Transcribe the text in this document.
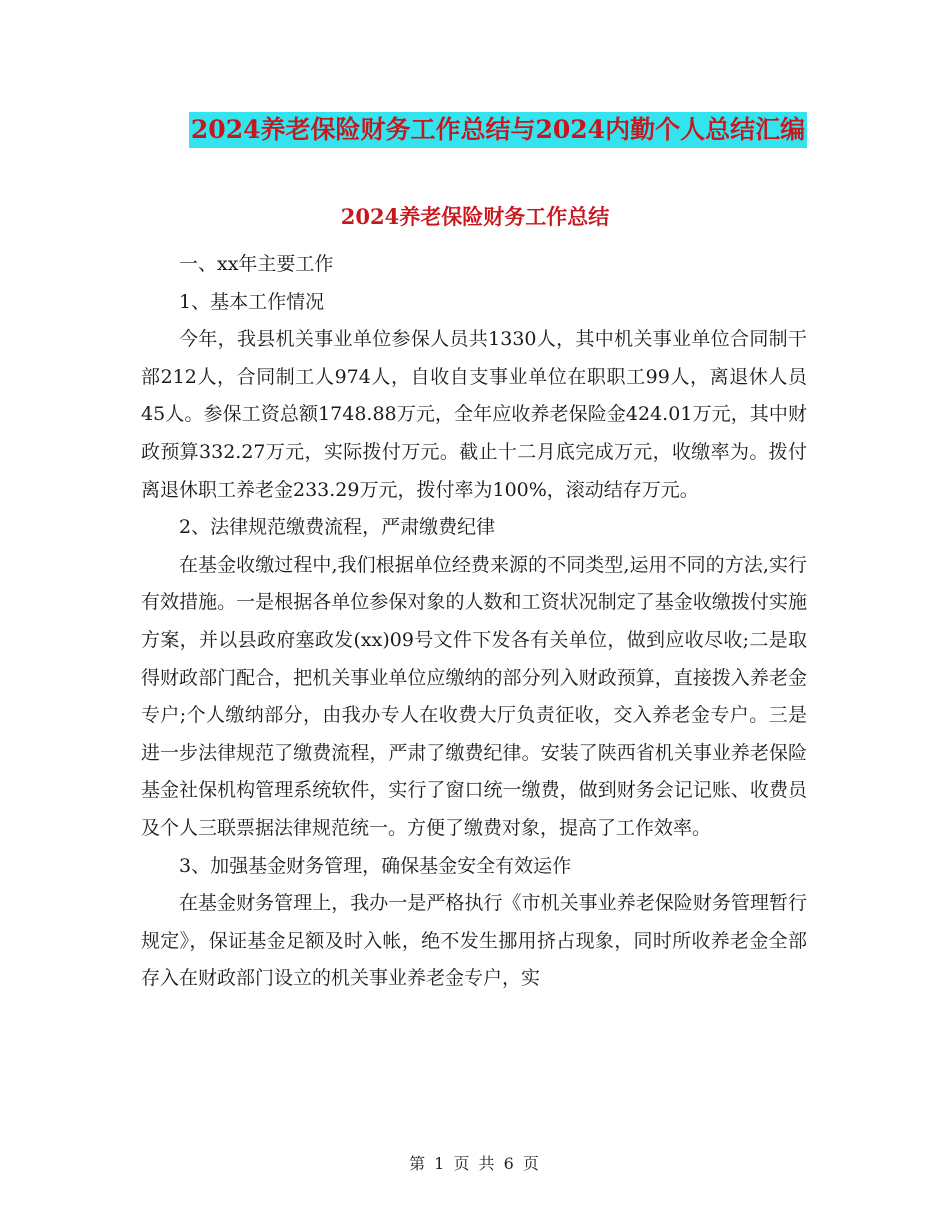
2024养老保险财务工作总结与2024内勤个人总结汇编
2024养老保险财务工作总结

一、xx年主要工作

1、基本工作情况

今年，我县机关事业单位参保人员共1330人，其中机关事业单位合同制干部212人，合同制工人974人，自收自支事业单位在职职工99人，离退休人员45人。参保工资总额1748.88万元，全年应收养老保险金424.01万元，其中财政预算332.27万元，实际拨付万元。截止十二月底完成万元，收缴率为。拨付离退休职工养老金233.29万元，拨付率为100%，滚动结存万元。

2、法律规范缴费流程，严肃缴费纪律

在基金收缴过程中,我们根据单位经费来源的不同类型,运用不同的方法,实行有效措施。一是根据各单位参保对象的人数和工资状况制定了基金收缴拨付实施方案，并以县政府塞政发(xx)09号文件下发各有关单位，做到应收尽收;二是取得财政部门配合，把机关事业单位应缴纳的部分列入财政预算，直接拨入养老金专户;个人缴纳部分，由我办专人在收费大厅负责征收，交入养老金专户。三是进一步法律规范了缴费流程，严肃了缴费纪律。安装了陕西省机关事业养老保险基金社保机构管理系统软件，实行了窗口统一缴费，做到财务会记记账、收费员及个人三联票据法律规范统一。方便了缴费对象，提高了工作效率。

3、加强基金财务管理，确保基金安全有效运作

在基金财务管理上，我办一是严格执行《市机关事业养老保险财务管理暂行规定》，保证基金足额及时入帐，绝不发生挪用挤占现象，同时所收养老金全部存入在财政部门设立的机关事业养老金专户，实

第 1 页 共 6 页
